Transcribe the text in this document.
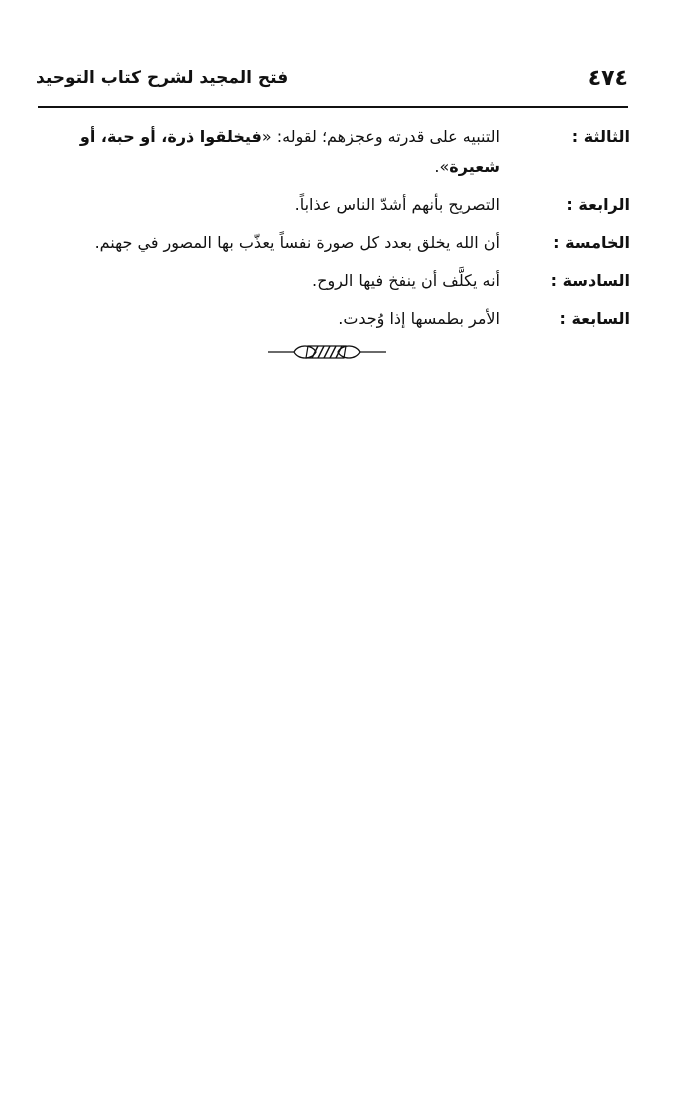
٤٧٤
فتح المجيد لشرح كتاب التوحيد
الثالثة :
التنبيه على قدرته وعجزهم؛ لقوله: «فيخلقوا ذرة، أو حبة، أو شعيرة».
الرابعة :
التصريح بأنهم أشدّ الناس عذاباً.
الخامسة :
أن الله يخلق بعدد كل صورة نفساً يعذّب بها المصور في جهنم.
السادسة :
أنه يكلَّف أن ينفخ فيها الروح.
السابعة :
الأمر بطمسها إذا وُجدت.
